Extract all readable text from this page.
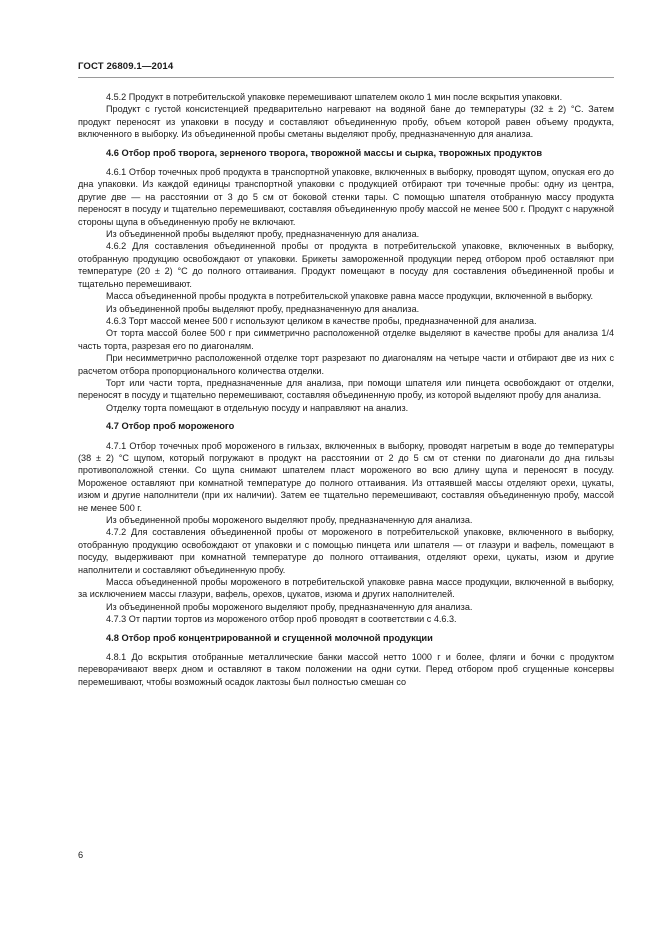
ГОСТ 26809.1—2014

4.5.2 Продукт в потребительской упаковке перемешивают шпателем около 1 мин после вскрытия упаковки.

Продукт с густой консистенцией предварительно нагревают на водяной бане до температуры (32 ± 2) °С. Затем продукт переносят из упаковки в посуду и составляют объединенную пробу, объем которой равен объему продукта, включенного в выборку. Из объединенной пробы сметаны выделяют пробу, предназначенную для анализа.

4.6 Отбор проб творога, зерненого творога, творожной массы и сырка, творожных продуктов

4.6.1 Отбор точечных проб продукта в транспортной упаковке, включенных в выборку, проводят щупом, опуская его до дна упаковки. Из каждой единицы транспортной упаковки с продукцией отбирают три точечные пробы: одну из центра, другие две — на расстоянии от 3 до 5 см от боковой стенки тары. С помощью шпателя отобранную массу продукта переносят в посуду и тщательно перемешивают, составляя объединенную пробу массой не менее 500 г. Продукт с наружной стороны щупа в объединенную пробу не включают.

Из объединенной пробы выделяют пробу, предназначенную для анализа.

4.6.2 Для составления объединенной пробы от продукта в потребительской упаковке, включенных в выборку, отобранную продукцию освобождают от упаковки. Брикеты замороженной продукции перед отбором проб оставляют при температуре (20 ± 2) °С до полного оттаивания. Продукт помещают в посуду для составления объединенной пробы и тщательно перемешивают.

Масса объединенной пробы продукта в потребительской упаковке равна массе продукции, включенной в выборку.

Из объединенной пробы выделяют пробу, предназначенную для анализа.

4.6.3 Торт массой менее 500 г используют целиком в качестве пробы, предназначенной для анализа.

От торта массой более 500 г при симметрично расположенной отделке выделяют в качестве пробы для анализа 1/4 часть торта, разрезая его по диагоналям.

При несимметрично расположенной отделке торт разрезают по диагоналям на четыре части и отбирают две из них с расчетом отбора пропорционального количества отделки.

Торт или части торта, предназначенные для анализа, при помощи шпателя или пинцета освобождают от отделки, переносят в посуду и тщательно перемешивают, составляя объединенную пробу, из которой выделяют пробу для анализа.

Отделку торта помещают в отдельную посуду и направляют на анализ.

4.7 Отбор проб мороженого

4.7.1 Отбор точечных проб мороженого в гильзах, включенных в выборку, проводят нагретым в воде до температуры (38 ± 2) °С щупом, который погружают в продукт на расстоянии от 2 до 5 см от стенки по диагонали до дна гильзы противоположной стенки. Со щупа снимают шпателем пласт мороженого во всю длину щупа и переносят в посуду. Мороженое оставляют при комнатной температуре до полного оттаивания. Из оттаявшей массы отделяют орехи, цукаты, изюм и другие наполнители (при их наличии). Затем ее тщательно перемешивают, составляя объединенную пробу, массой не менее 500 г.

Из объединенной пробы мороженого выделяют пробу, предназначенную для анализа.

4.7.2 Для составления объединенной пробы от мороженого в потребительской упаковке, включенного в выборку, отобранную продукцию освобождают от упаковки и с помощью пинцета или шпателя — от глазури и вафель, помещают в посуду, выдерживают при комнатной температуре до полного оттаивания, отделяют орехи, цукаты, изюм и другие наполнители и составляют объединенную пробу.

Масса объединенной пробы мороженого в потребительской упаковке равна массе продукции, включенной в выборку, за исключением массы глазури, вафель, орехов, цукатов, изюма и других наполнителей.

Из объединенной пробы мороженого выделяют пробу, предназначенную для анализа.

4.7.3 От партии тортов из мороженого отбор проб проводят в соответствии с 4.6.3.

4.8 Отбор проб концентрированной и сгущенной молочной продукции

4.8.1 До вскрытия отобранные металлические банки массой нетто 1000 г и более, фляги и бочки с продуктом переворачивают вверх дном и оставляют в таком положении на одни сутки. Перед отбором проб сгущенные консервы перемешивают, чтобы возможный осадок лактозы был полностью смешан со

6
